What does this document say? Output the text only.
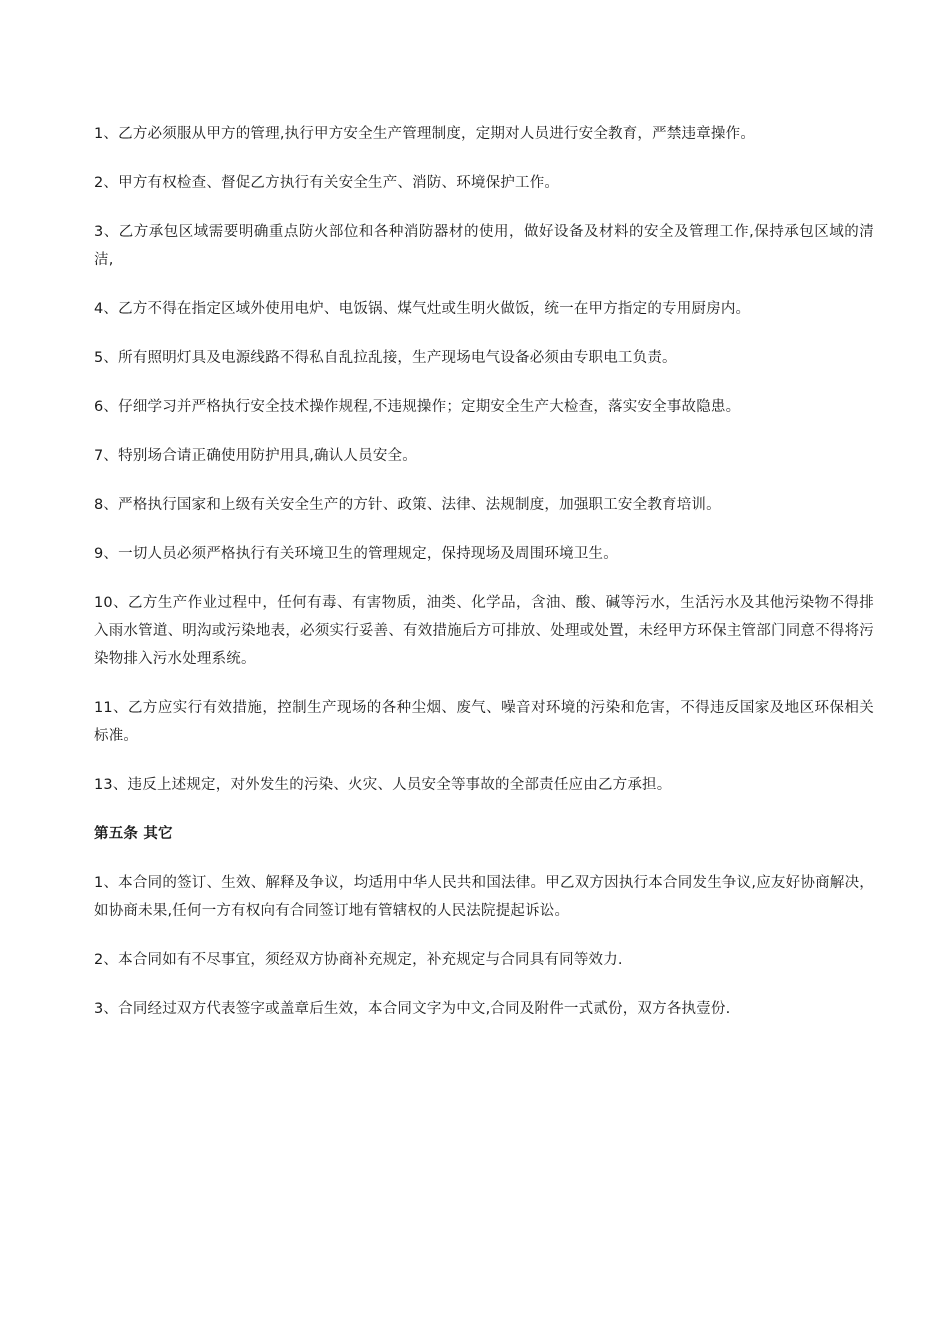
1、乙方必须服从甲方的管理,执行甲方安全生产管理制度，定期对人员进行安全教育，严禁违章操作。

2、甲方有权检查、督促乙方执行有关安全生产、消防、环境保护工作。

3、乙方承包区域需要明确重点防火部位和各种消防器材的使用，做好设备及材料的安全及管理工作,保持承包区域的清洁,

4、乙方不得在指定区域外使用电炉、电饭锅、煤气灶或生明火做饭，统一在甲方指定的专用厨房内。

5、所有照明灯具及电源线路不得私自乱拉乱接，生产现场电气设备必须由专职电工负责。

6、仔细学习并严格执行安全技术操作规程,不违规操作；定期安全生产大检查，落实安全事故隐患。

7、特别场合请正确使用防护用具,确认人员安全。

8、严格执行国家和上级有关安全生产的方针、政策、法律、法规制度，加强职工安全教育培训。

9、一切人员必须严格执行有关环境卫生的管理规定，保持现场及周围环境卫生。

10、乙方生产作业过程中，任何有毒、有害物质，油类、化学品，含油、酸、碱等污水，生活污水及其他污染物不得排入雨水管道、明沟或污染地表，必须实行妥善、有效措施后方可排放、处理或处置，未经甲方环保主管部门同意不得将污染物排入污水处理系统。

11、乙方应实行有效措施，控制生产现场的各种尘烟、废气、噪音对环境的污染和危害，不得违反国家及地区环保相关标准。

13、违反上述规定，对外发生的污染、火灾、人员安全等事故的全部责任应由乙方承担。

第五条 其它

1、本合同的签订、生效、解释及争议，均适用中华人民共和国法律。甲乙双方因执行本合同发生争议,应友好协商解决，如协商未果,任何一方有权向有合同签订地有管辖权的人民法院提起诉讼。

2、本合同如有不尽事宜，须经双方协商补充规定，补充规定与合同具有同等效力.

3、合同经过双方代表签字或盖章后生效，本合同文字为中文,合同及附件一式贰份，双方各执壹份.
